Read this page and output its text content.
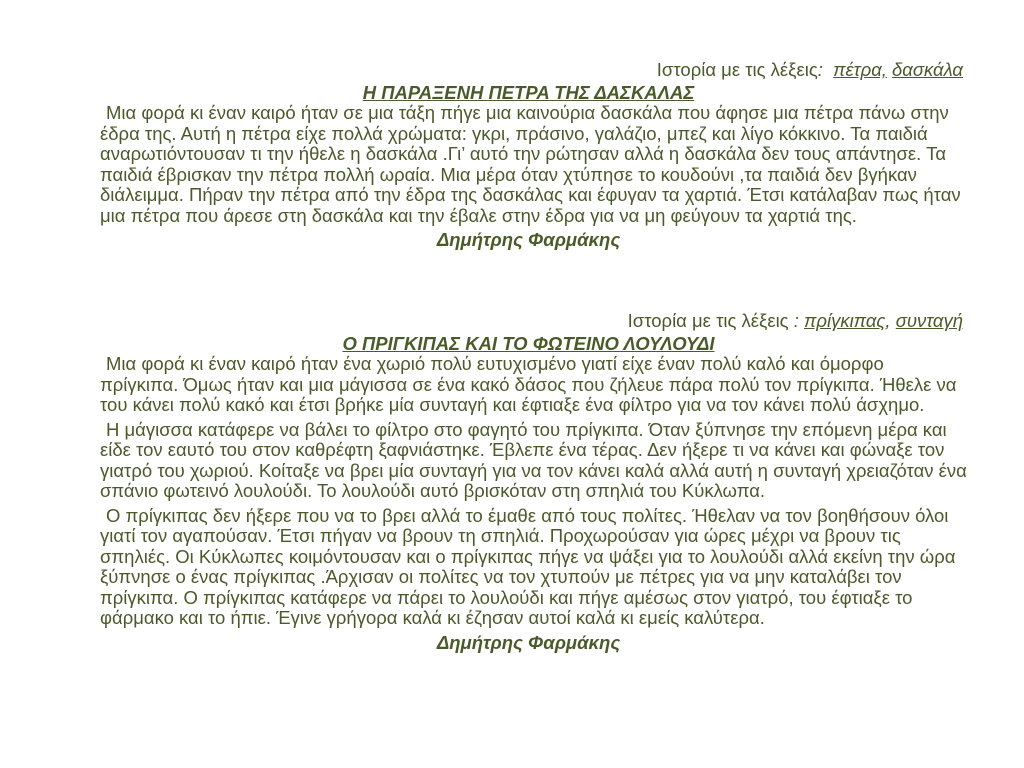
Ιστορία με τις λέξεις: πέτρα, δασκάλα
Η ΠΑΡΑΞΕΝΗ ΠΕΤΡΑ ΤΗΣ ΔΑΣΚΑΛΑΣ

Μια φορά κι έναν καιρό ήταν σε μια τάξη πήγε μια καινούρια δασκάλα που άφησε μια πέτρα πάνω στην έδρα της. Αυτή η πέτρα είχε πολλά χρώματα: γκρι, πράσινο, γαλάζιο, μπεζ και λίγο κόκκινο. Τα παιδιά αναρωτιόντουσαν τι την ήθελε η δασκάλα .Γι’ αυτό την ρώτησαν αλλά η δασκάλα δεν τους απάντησε. Τα παιδιά έβρισκαν την πέτρα πολλή ωραία. Μια μέρα όταν χτύπησε το κουδούνι ,τα παιδιά δεν βγήκαν διάλειμμα. Πήραν την πέτρα από την έδρα της δασκάλας και έφυγαν τα χαρτιά. Έτσι κατάλαβαν πως ήταν μια πέτρα που άρεσε στη δασκάλα και την έβαλε στην έδρα για να μη φεύγουν τα χαρτιά της.

Δημήτρης Φαρμάκης
Ιστορία με τις λέξεις : πρίγκιπας, συνταγή
Ο ΠΡΙΓΚΙΠΑΣ ΚΑΙ ΤΟ ΦΩΤΕΙΝΟ ΛΟΥΛΟΥΔΙ

Μια φορά κι έναν καιρό ήταν ένα χωριό πολύ ευτυχισμένο γιατί είχε έναν πολύ καλό και όμορφο πρίγκιπα. Όμως ήταν και μια μάγισσα σε ένα κακό δάσος που ζήλευε πάρα πολύ τον πρίγκιπα. Ήθελε να του κάνει πολύ κακό και έτσι βρήκε μία συνταγή και έφτιαξε ένα φίλτρο για να τον κάνει πολύ άσχημο.

Η μάγισσα κατάφερε να βάλει το φίλτρο στο φαγητό του πρίγκιπα. Όταν ξύπνησε την επόμενη μέρα και είδε τον εαυτό του στον καθρέφτη ξαφνιάστηκε. Έβλεπε ένα τέρας. Δεν ήξερε τι να κάνει και φώναξε τον γιατρό του χωριού. Κοίταξε να βρει μία συνταγή για να τον κάνει καλά αλλά αυτή η συνταγή χρειαζόταν ένα σπάνιο φωτεινό λουλούδι. Το λουλούδι αυτό βρισκόταν στη σπηλιά του Κύκλωπα.

Ο πρίγκιπας δεν ήξερε που να το βρει αλλά το έμαθε από τους πολίτες. Ήθελαν να τον βοηθήσουν όλοι γιατί τον αγαπούσαν. Έτσι πήγαν να βρουν τη σπηλιά. Προχωρούσαν για ώρες μέχρι να βρουν τις σπηλιές. Οι Κύκλωπες κοιμόντουσαν και ο πρίγκιπας πήγε να ψάξει για το λουλούδι αλλά εκείνη την ώρα ξύπνησε ο ένας πρίγκιπας .Άρχισαν οι πολίτες να τον χτυπούν με πέτρες για να μην καταλάβει τον πρίγκιπα. Ο πρίγκιπας κατάφερε να πάρει το λουλούδι και πήγε αμέσως στον γιατρό, του έφτιαξε το φάρμακο και το ήπιε. Έγινε γρήγορα καλά κι έζησαν αυτοί καλά κι εμείς καλύτερα.

Δημήτρης Φαρμάκης
